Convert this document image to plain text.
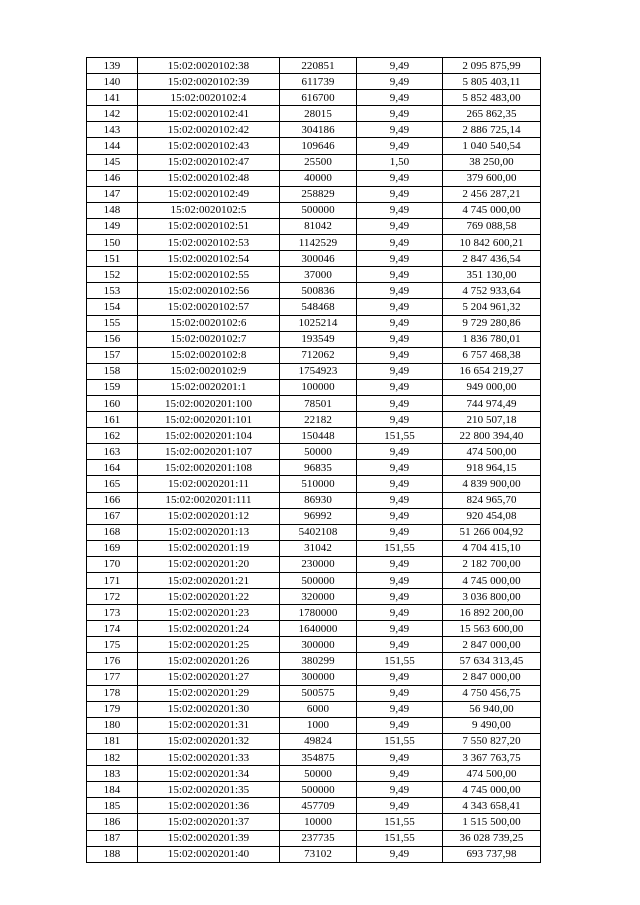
139	15:02:0020102:38	220851	9,49	2 095 875,99
140	15:02:0020102:39	611739	9,49	5 805 403,11
141	15:02:0020102:4	616700	9,49	5 852 483,00
142	15:02:0020102:41	28015	9,49	265 862,35
143	15:02:0020102:42	304186	9,49	2 886 725,14
144	15:02:0020102:43	109646	9,49	1 040 540,54
145	15:02:0020102:47	25500	1,50	38 250,00
146	15:02:0020102:48	40000	9,49	379 600,00
147	15:02:0020102:49	258829	9,49	2 456 287,21
148	15:02:0020102:5	500000	9,49	4 745 000,00
149	15:02:0020102:51	81042	9,49	769 088,58
150	15:02:0020102:53	1142529	9,49	10 842 600,21
151	15:02:0020102:54	300046	9,49	2 847 436,54
152	15:02:0020102:55	37000	9,49	351 130,00
153	15:02:0020102:56	500836	9,49	4 752 933,64
154	15:02:0020102:57	548468	9,49	5 204 961,32
155	15:02:0020102:6	1025214	9,49	9 729 280,86
156	15:02:0020102:7	193549	9,49	1 836 780,01
157	15:02:0020102:8	712062	9,49	6 757 468,38
158	15:02:0020102:9	1754923	9,49	16 654 219,27
159	15:02:0020201:1	100000	9,49	949 000,00
160	15:02:0020201:100	78501	9,49	744 974,49
161	15:02:0020201:101	22182	9,49	210 507,18
162	15:02:0020201:104	150448	151,55	22 800 394,40
163	15:02:0020201:107	50000	9,49	474 500,00
164	15:02:0020201:108	96835	9,49	918 964,15
165	15:02:0020201:11	510000	9,49	4 839 900,00
166	15:02:0020201:111	86930	9,49	824 965,70
167	15:02:0020201:12	96992	9,49	920 454,08
168	15:02:0020201:13	5402108	9,49	51 266 004,92
169	15:02:0020201:19	31042	151,55	4 704 415,10
170	15:02:0020201:20	230000	9,49	2 182 700,00
171	15:02:0020201:21	500000	9,49	4 745 000,00
172	15:02:0020201:22	320000	9,49	3 036 800,00
173	15:02:0020201:23	1780000	9,49	16 892 200,00
174	15:02:0020201:24	1640000	9,49	15 563 600,00
175	15:02:0020201:25	300000	9,49	2 847 000,00
176	15:02:0020201:26	380299	151,55	57 634 313,45
177	15:02:0020201:27	300000	9,49	2 847 000,00
178	15:02:0020201:29	500575	9,49	4 750 456,75
179	15:02:0020201:30	6000	9,49	56 940,00
180	15:02:0020201:31	1000	9,49	9 490,00
181	15:02:0020201:32	49824	151,55	7 550 827,20
182	15:02:0020201:33	354875	9,49	3 367 763,75
183	15:02:0020201:34	50000	9,49	474 500,00
184	15:02:0020201:35	500000	9,49	4 745 000,00
185	15:02:0020201:36	457709	9,49	4 343 658,41
186	15:02:0020201:37	10000	151,55	1 515 500,00
187	15:02:0020201:39	237735	151,55	36 028 739,25
188	15:02:0020201:40	73102	9,49	693 737,98
